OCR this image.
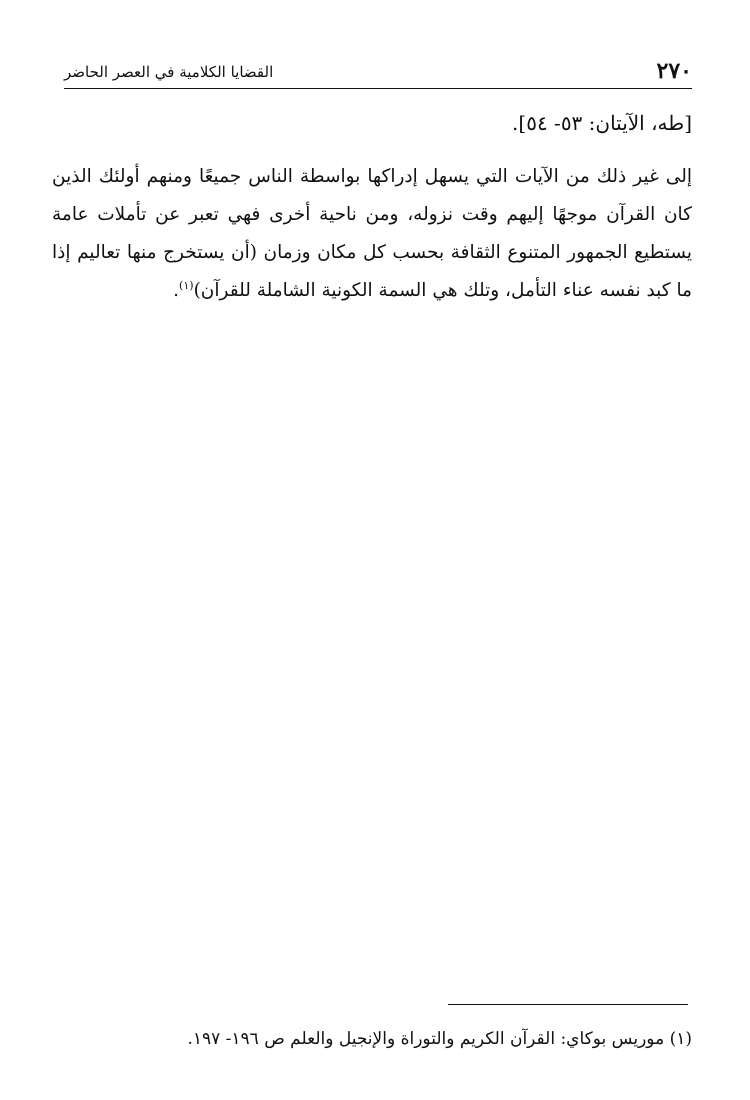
٢٧٠
القضايا الكلامية في العصر الحاضر
[طه، الآيتان: ٥٣- ٥٤].

إلى غير ذلك من الآيات التي يسهل إدراكها بواسطة الناس جميعًا ومنهم أولئك الذين كان القرآن موجهًا إليهم وقت نزوله، ومن ناحية أخرى فهي تعبر عن تأملات عامة يستطيع الجمهور المتنوع الثقافة بحسب كل مكان وزمان (أن يستخرج منها تعاليم إذا ما كبد نفسه عناء التأمل، وتلك هي السمة الكونية الشاملة للقرآن)$^{(١)}$.

(١) موريس بوكاي: القرآن الكريم والتوراة والإنجيل والعلم ص ١٩٦- ١٩٧.
